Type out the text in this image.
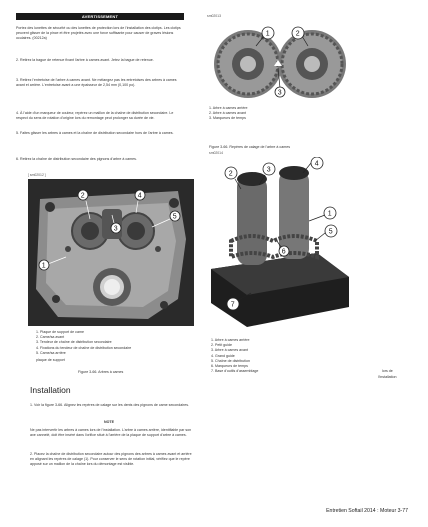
AVERTISSEMENT
Portez des lunettes de sécurité ou des lunettes de protection lors de l'installation des clotips. Les clotips peuvent glisser de la pince et être projetés avec une force suffisante pour causer de graves lésions oculaires. (00212a)
2. Retirez la bague de retenue fixant l'arbre à cames avant. Jetez la bague de retenue.
3. Retirez l'entretoise de l'arbre à cames avant. Ne mélangez pas les entretoises des arbres à cames avant et arrière. L'entretoise avant a une épaisseur de 2,54 mm (0,100 po).
4. À l'aide d'un marqueur de couleur, repérez un maillon de la chaîne de distribution secondaire. Le respect du sens de rotation d'origine lors du remontage peut prolonger sa durée de vie.
5. Faites glisser les arbres à cames et la chaîne de distribution secondaire hors de l'arbre à cames.
6. Retirez la chaîne de distribution secondaire des pignons d'arbre à cames.
[ sm02012 ]
1
2
3
4
5
1. Plaque de support de came
2. Came/sa avant
3. Tendeur de chaîne de distribution secondaire
4. Fixations du tendeur de chaîne de distribution secondaire
5. Came/sa arrière
plaque de support
Figure 3-66. Arbres à cames
Installation
1. Voir la figure 3-66. Alignez les repères de calage sur les dents des pignons de came secondaires.
NOTE
Ne pas intervertir les arbres à cames lors de l'installation. L'arbre à cames arrière, identifiable par son axe cannelé, doit être inséré dans l'orifice situé à l'arrière de la plaque de support d'arbre à cames.
2. Placez la chaîne de distribution secondaire autour des pignons des arbres à cames avant et arrière en alignant les repères de calage (1). Pour conserver le sens de rotation initial, vérifiez que le repère apposé sur un maillon de la chaîne lors du démontage est visible.
sm02013
1	2
3
1. Arbre à cames arrière
2. Arbre à cames avant
3. Marqueurs de temps
Figure 3-66. Repères de calage de l'arbre à cames
sm02014
2
3
4
1
5
6
7
1. Arbre à cames arrière
2. Petit guide
3. Arbre à cames avant
4. Grand guide
5. Chaîne de distribution
6. Marqueurs de temps
7. Base d'outils d'assemblage	lors de
l'installation
Entretien Softail 2014 : Moteur 3-77
